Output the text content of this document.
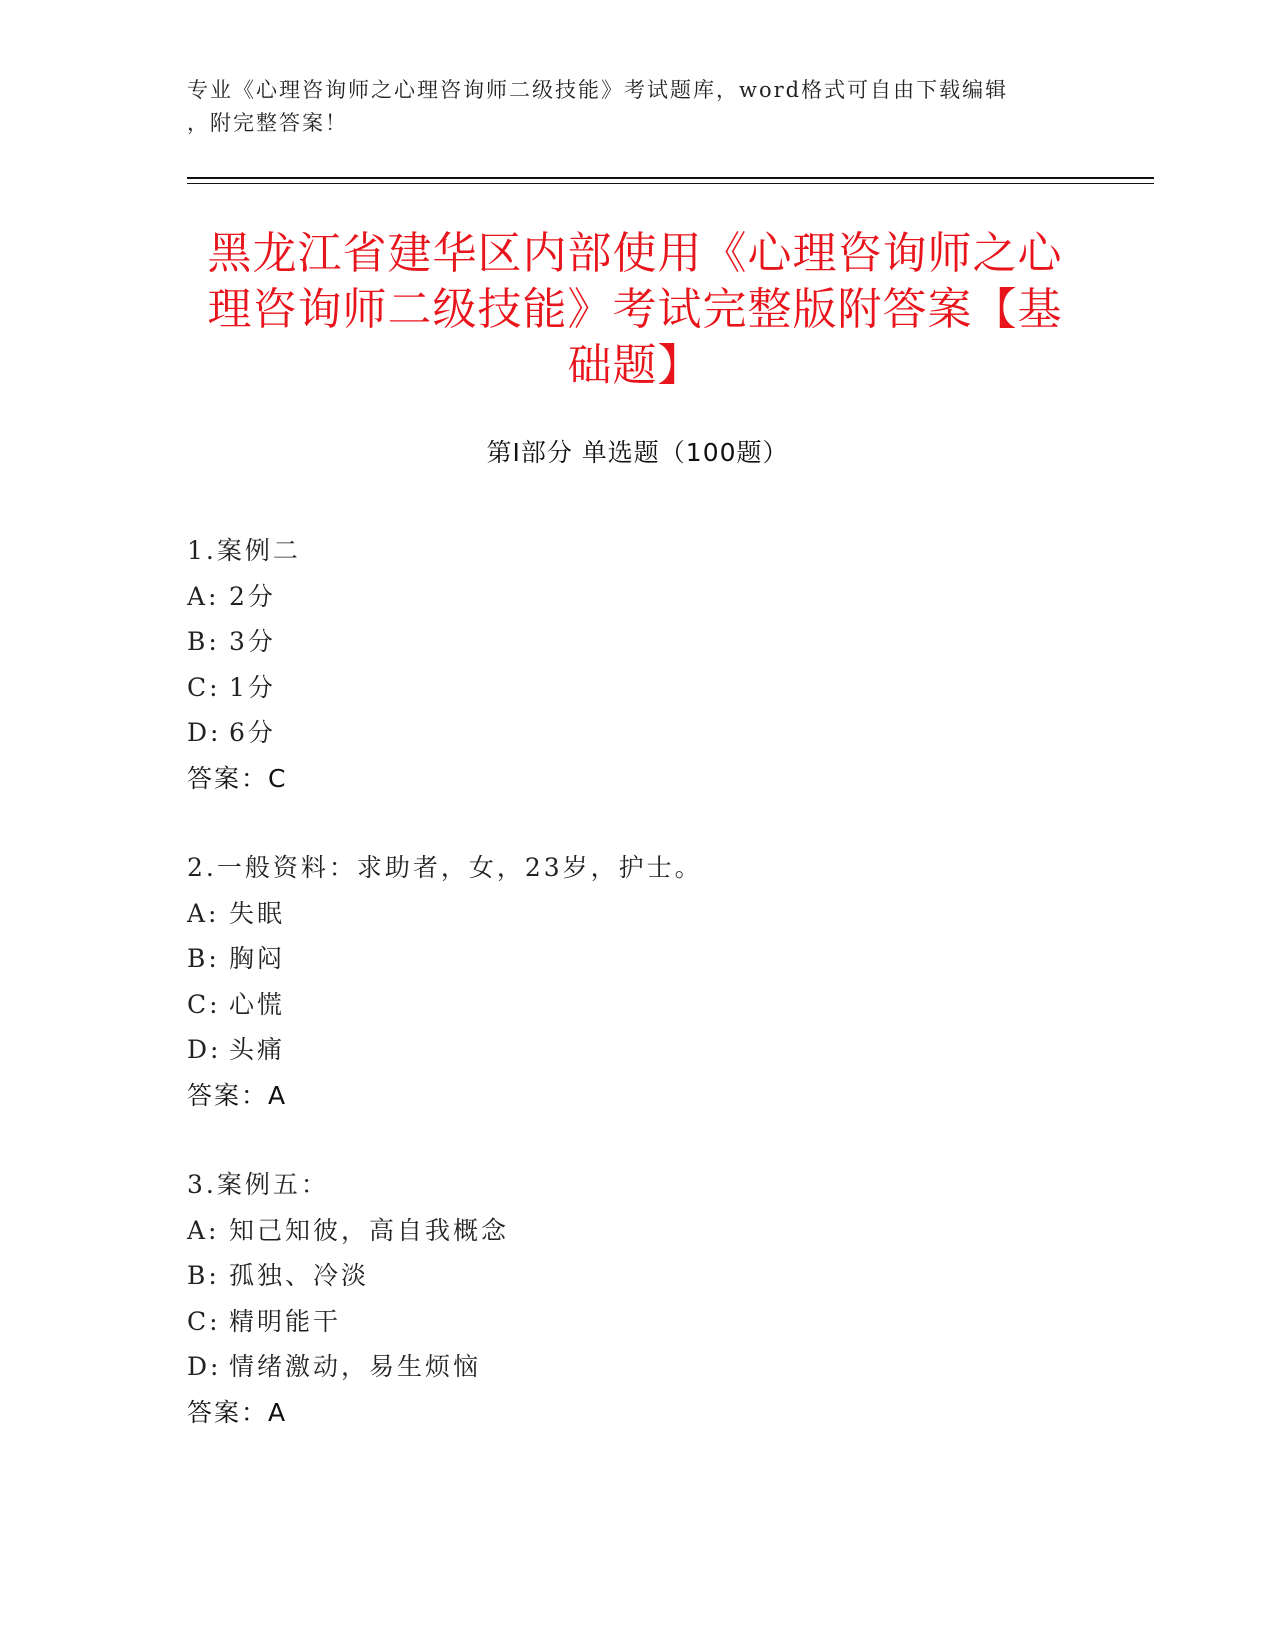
专业《心理咨询师之心理咨询师二级技能》考试题库，word格式可自由下载编辑
，附完整答案！
黑龙江省建华区内部使用《心理咨询师之心
理咨询师二级技能》考试完整版附答案【基
础题】
第Ⅰ部分 单选题（100题）
1.案例二
A: 2分
B: 3分
C: 1分
D: 6分
答案：C
2.一般资料：求助者，女，23岁，护士。
A: 失眠
B: 胸闷
C: 心慌
D: 头痛
答案：A
3.案例五：
A: 知己知彼，高自我概念
B: 孤独、冷淡
C: 精明能干
D: 情绪激动，易生烦恼
答案：A
